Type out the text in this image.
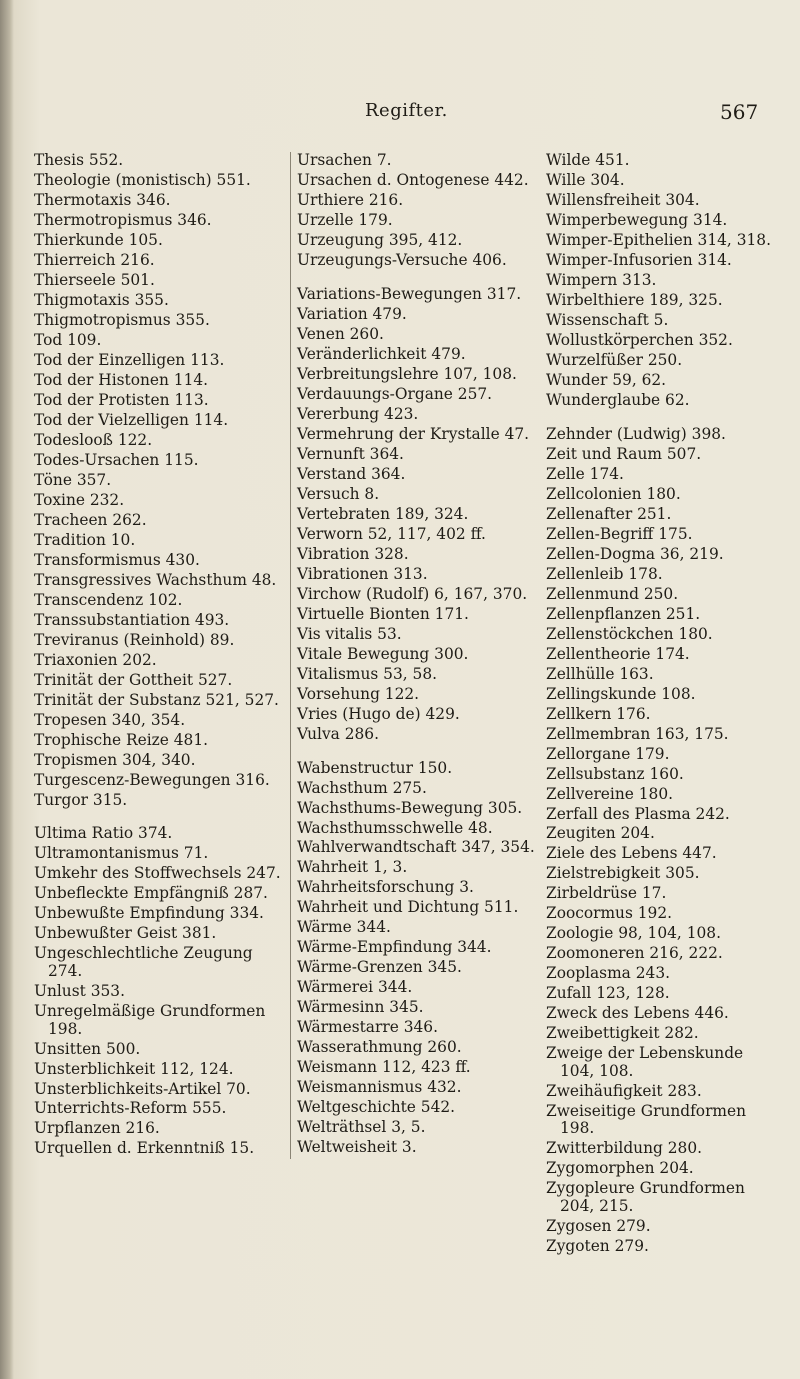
Regifter.	567
Thesis 552.
Theologie (monistisch) 551.
Thermotaxis 346.
Thermotropismus 346.
Thierkunde 105.
Thierreich 216.
Thierseele 501.
Thigmotaxis 355.
Thigmotropismus 355.
Tod 109.
Tod der Einzelligen 113.
Tod der Histonen 114.
Tod der Protisten 113.
Tod der Vielzelligen 114.
Todeslooß 122.
Todes-Ursachen 115.
Töne 357.
Toxine 232.
Tracheen 262.
Tradition 10.
Transformismus 430.
Transgressives Wachsthum 48.
Transcendenz 102.
Transsubstantiation 493.
Treviranus (Reinhold) 89.
Triaxonien 202.
Trinität der Gottheit 527.
Trinität der Substanz 521, 527.
Tropesen 340, 354.
Trophische Reize 481.
Tropismen 304, 340.
Turgescenz-Bewegungen 316.
Turgor 315.
Ultima Ratio 374.
Ultramontanismus 71.
Umkehr des Stoffwechsels 247.
Unbefleckte Empfängniß 287.
Unbewußte Empfindung 334.
Unbewußter Geist 381.
Ungeschlechtliche Zeugung 274.
Unlust 353.
Unregelmäßige Grundformen 198.
Unsitten 500.
Unsterblichkeit 112, 124.
Unsterblichkeits-Artikel 70.
Unterrichts-Reform 555.
Urpflanzen 216.
Urquellen d. Erkenntniß 15.
Ursachen 7.
Ursachen d. Ontogenese 442.
Urthiere 216.
Urzelle 179.
Urzeugung 395, 412.
Urzeugungs-Versuche 406.
Variations-Bewegungen 317.
Variation 479.
Venen 260.
Veränderlichkeit 479.
Verbreitungslehre 107, 108.
Verdauungs-Organe 257.
Vererbung 423.
Vermehrung der Krystalle 47.
Vernunft 364.
Verstand 364.
Versuch 8.
Vertebraten 189, 324.
Verworn 52, 117, 402 ff.
Vibration 328.
Vibrationen 313.
Virchow (Rudolf) 6, 167, 370.
Virtuelle Bionten 171.
Vis vitalis 53.
Vitale Bewegung 300.
Vitalismus 53, 58.
Vorsehung 122.
Vries (Hugo de) 429.
Vulva 286.
Wabenstructur 150.
Wachsthum 275.
Wachsthums-Bewegung 305.
Wachsthumsschwelle 48.
Wahlverwandtschaft 347, 354.
Wahrheit 1, 3.
Wahrheitsforschung 3.
Wahrheit und Dichtung 511.
Wärme 344.
Wärme-Empfindung 344.
Wärme-Grenzen 345.
Wärmerei 344.
Wärmesinn 345.
Wärmestarre 346.
Wasserathmung 260.
Weismann 112, 423 ff.
Weismannismus 432.
Weltgeschichte 542.
Welträthsel 3, 5.
Weltweisheit 3.
Wilde 451.
Wille 304.
Willensfreiheit 304.
Wimperbewegung 314.
Wimper-Epithelien 314, 318.
Wimper-Infusorien 314.
Wimpern 313.
Wirbelthiere 189, 325.
Wissenschaft 5.
Wollustkörperchen 352.
Wurzelfüßer 250.
Wunder 59, 62.
Wunderglaube 62.
Zehnder (Ludwig) 398.
Zeit und Raum 507.
Zelle 174.
Zellcolonien 180.
Zellenafter 251.
Zellen-Begriff 175.
Zellen-Dogma 36, 219.
Zellenleib 178.
Zellenmund 250.
Zellenpflanzen 251.
Zellenstöckchen 180.
Zellentheorie 174.
Zellhülle 163.
Zellingskunde 108.
Zellkern 176.
Zellmembran 163, 175.
Zellorgane 179.
Zellsubstanz 160.
Zellvereine 180.
Zerfall des Plasma 242.
Zeugiten 204.
Ziele des Lebens 447.
Zielstrebigkeit 305.
Zirbeldrüse 17.
Zoocormus 192.
Zoologie 98, 104, 108.
Zoomoneren 216, 222.
Zooplasma 243.
Zufall 123, 128.
Zweck des Lebens 446.
Zweibettigkeit 282.
Zweige der Lebenskunde 104, 108.
Zweihäufigkeit 283.
Zweiseitige Grundformen 198.
Zwitterbildung 280.
Zygomorphen 204.
Zygopleure Grundformen 204, 215.
Zygosen 279.
Zygoten 279.
